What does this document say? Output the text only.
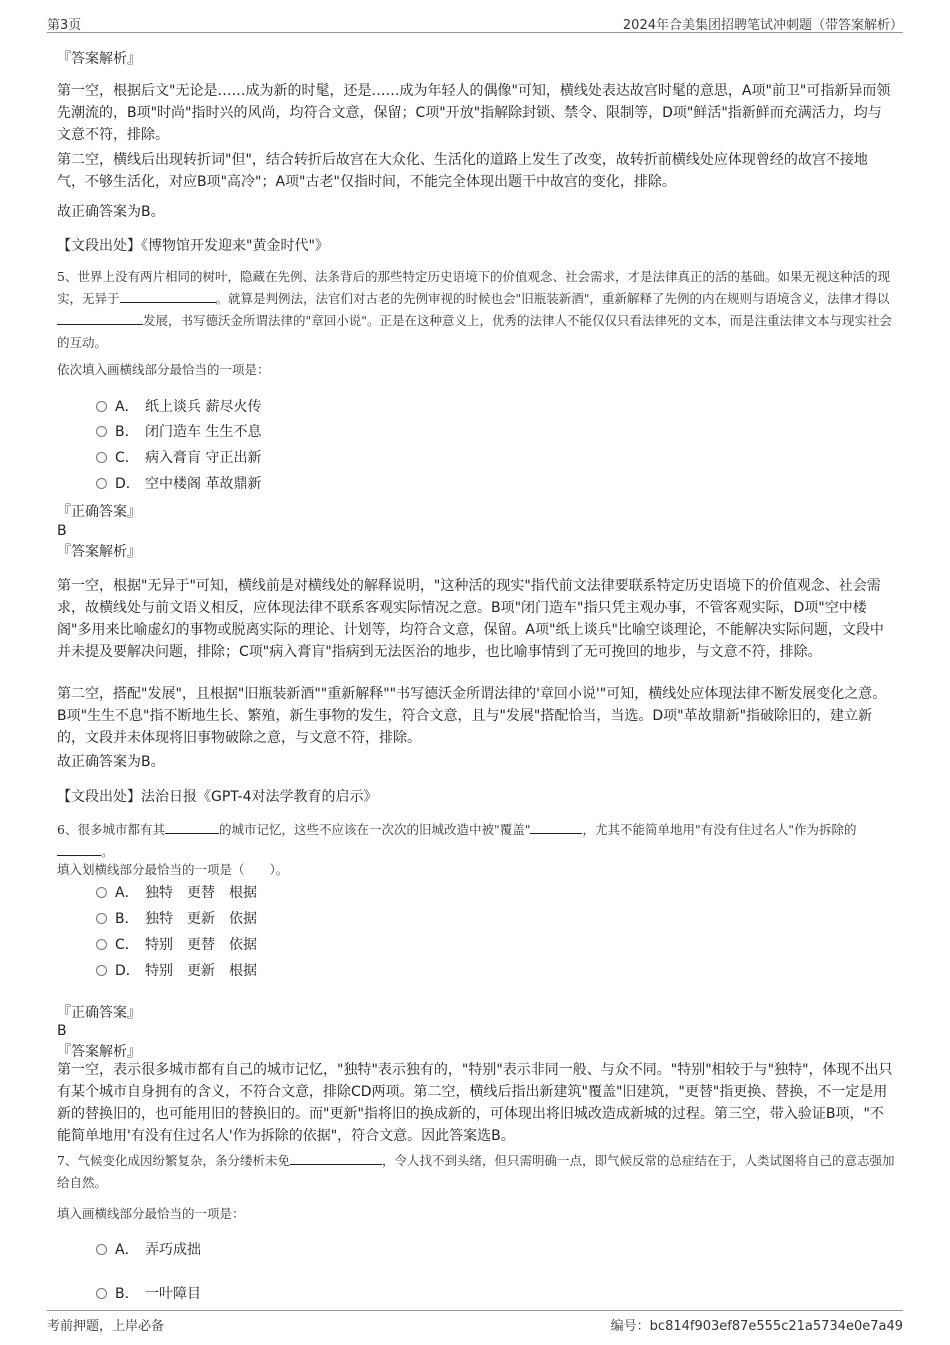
第3页	2024年合美集团招聘笔试冲刺题（带答案解析）
『答案解析』
第一空，根据后文"无论是……成为新的时髦，还是……成为年轻人的偶像"可知，横线处表达故宫时髦的意思，A项"前卫"可指新异而领先潮流的，B项"时尚"指时兴的风尚，均符合文意，保留；C项"开放"指解除封锁、禁令、限制等，D项"鲜活"指新鲜而充满活力，均与文意不符，排除。
第二空，横线后出现转折词"但"，结合转折后故宫在大众化、生活化的道路上发生了改变，故转折前横线处应体现曾经的故宫不接地气，不够生活化，对应B项"高冷"；A项"古老"仅指时间，不能完全体现出题干中故宫的变化，排除。
故正确答案为B。
【文段出处】《博物馆开发迎来"黄金时代"》
5、世界上没有两片相同的树叶，隐藏在先例、法条背后的那些特定历史语境下的价值观念、社会需求，才是法律真正的活的基础。如果无视这种活的现实，无异于	。就算是判例法，法官们对古老的先例审视的时候也会"旧瓶装新酒"，重新解释了先例的内在规则与语境含义，法律才得以发展，书写德沃金所谓法律的"章回小说"。正是在这种意义上，优秀的法律人不能仅仅只看法律死的文本，而是注重法律文本与现实社会的互动。
依次填入画横线部分最恰当的一项是：
A． 纸上谈兵 薪尽火传
B． 闭门造车 生生不息
C． 病入膏肓 守正出新
D． 空中楼阁 革故鼎新
『正确答案』
B
『答案解析』
第一空，根据"无异于"可知，横线前是对横线处的解释说明，"这种活的现实"指代前文法律要联系特定历史语境下的价值观念、社会需求，故横线处与前文语义相反，应体现法律不联系客观实际情况之意。B项"闭门造车"指只凭主观办事，不管客观实际，D项"空中楼阁"多用来比喻虚幻的事物或脱离实际的理论、计划等，均符合文意，保留。A项"纸上谈兵"比喻空谈理论，不能解决实际问题，文段中并未提及要解决问题，排除；C项"病入膏肓"指病到无法医治的地步，也比喻事情到了无可挽回的地步，与文意不符，排除。
第二空，搭配"发展"，且根据"旧瓶装新酒""重新解释""书写德沃金所谓法律的'章回小说'"可知，横线处应体现法律不断发展变化之意。B项"生生不息"指不断地生长、繁殖，新生事物的发生，符合文意，且与"发展"搭配恰当，当选。D项"革故鼎新"指破除旧的，建立新的，文段并未体现将旧事物破除之意，与文意不符，排除。
故正确答案为B。
【文段出处】法治日报《GPT-4对法学教育的启示》
6、很多城市都有其	的城市记忆，这些不应该在一次次的旧城改造中被"覆盖"	，尤其不能简单地用"有没有住过名人"作为拆除的
。
填入划横线部分最恰当的一项是（　　）。
A． 独特　更替　根据
B． 独特　更新　依据
C． 特别　更替　依据
D． 特别　更新　根据
『正确答案』
B
『答案解析』
第一空，表示很多城市都有自己的城市记忆，"独特"表示独有的，"特别"表示非同一般、与众不同。"特别"相较于与"独特"，体现不出只有某个城市自身拥有的含义，不符合文意，排除CD两项。第二空，横线后指出新建筑"覆盖"旧建筑，"更替"指更换、替换，不一定是用新的替换旧的，也可能用旧的替换旧的。而"更新"指将旧的换成新的，可体现出将旧城改造成新城的过程。第三空，带入验证B项，"不能简单地用'有没有住过名人'作为拆除的依据"，符合文意。因此答案选B。
7、气候变化成因纷繁复杂，条分缕析未免	，令人找不到头绪，但只需明确一点，即气候反常的总症结在于，人类试图将自己的意志强加给自然。
填入画横线部分最恰当的一项是：
A． 弄巧成拙
B． 一叶障目
考前押题，上岸必备	编号：bc814f903ef87e555c21a5734e0e7a49
